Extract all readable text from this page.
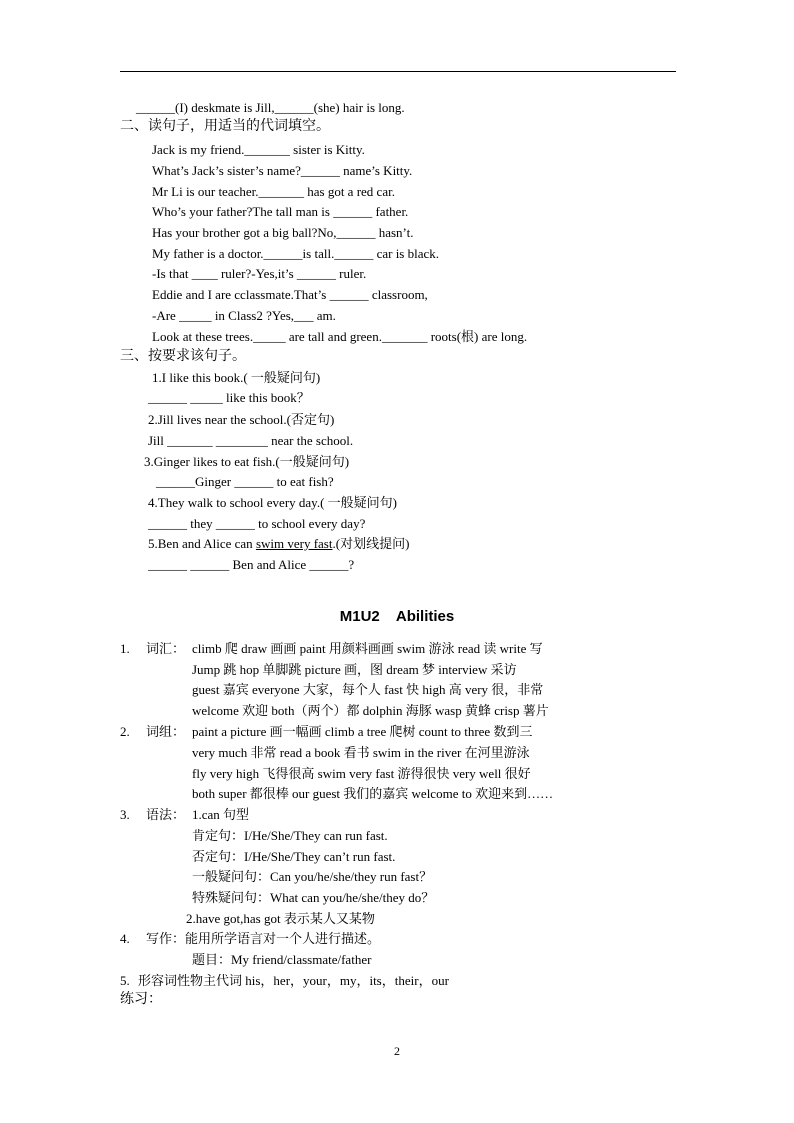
______(I) deskmate is Jill,______(she) hair is long.
二、读句子，用适当的代词填空。
Jack is my friend._______ sister is Kitty.
What’s Jack’s sister’s name?______ name’s Kitty.
Mr Li is our teacher._______ has got a red car.
Who’s your father?The tall man is ______ father.
Has your brother got a big ball?No,______ hasn’t.
My father is a doctor.______is tall.______ car is black.
-Is that ____ ruler?-Yes,it’s ______ ruler.
Eddie and I are cclassmate.That’s ______ classroom,
-Are _____ in Class2 ?Yes,___ am.
Look at these trees._____ are tall and green._______ roots(根) are long.
三、按要求该句子。
1.I like this book.( 一般疑问句)
______ _____ like this book？
2.Jill lives near the school.(否定句)
Jill _______ ________ near the school.
3.Ginger likes to eat fish.(一般疑问句)
______Ginger ______ to eat fish?
4.They walk to school every day.( 一般疑问句)
______ they ______ to school every day?
5.Ben and Alice can swim very fast.(对划线提问)
______ ______ Ben and Alice ______?
M1U2    Abilities
1. 词汇： climb 爬 draw 画画 paint 用颜料画画 swim 游泳 read 读 write 写
Jump 跳 hop 单脚跳 picture 画，图 dream 梦 interview 采访
guest 嘉宾 everyone 大家，每个人 fast 快 high 高 very 很，非常
welcome 欢迎 both（两个）都 dolphin 海豚 wasp 黄蜂 crisp 薯片
2. 词组： paint a picture 画一幅画 climb a tree 爬树 count to three 数到三
very much 非常 read a book 看书 swim in the river 在河里游泳
fly very high 飞得很高 swim very fast 游得很快 very well 很好
both super 都很棒 our guest 我们的嘉宾 welcome to 欢迎来到……
3. 语法： 1.can 句型
肯定句：I/He/She/They can run fast.
否定句：I/He/She/They can’t run fast.
一般疑问句：Can you/he/she/they run fast？
特殊疑问句：What can you/he/she/they do？
2.have got,has got 表示某人又某物
4. 写作：能用所学语言对一个人进行描述。
题目：My friend/classmate/father
5. 形容词性物主代词 his，her，your，my，its，their，our
练习：
2
